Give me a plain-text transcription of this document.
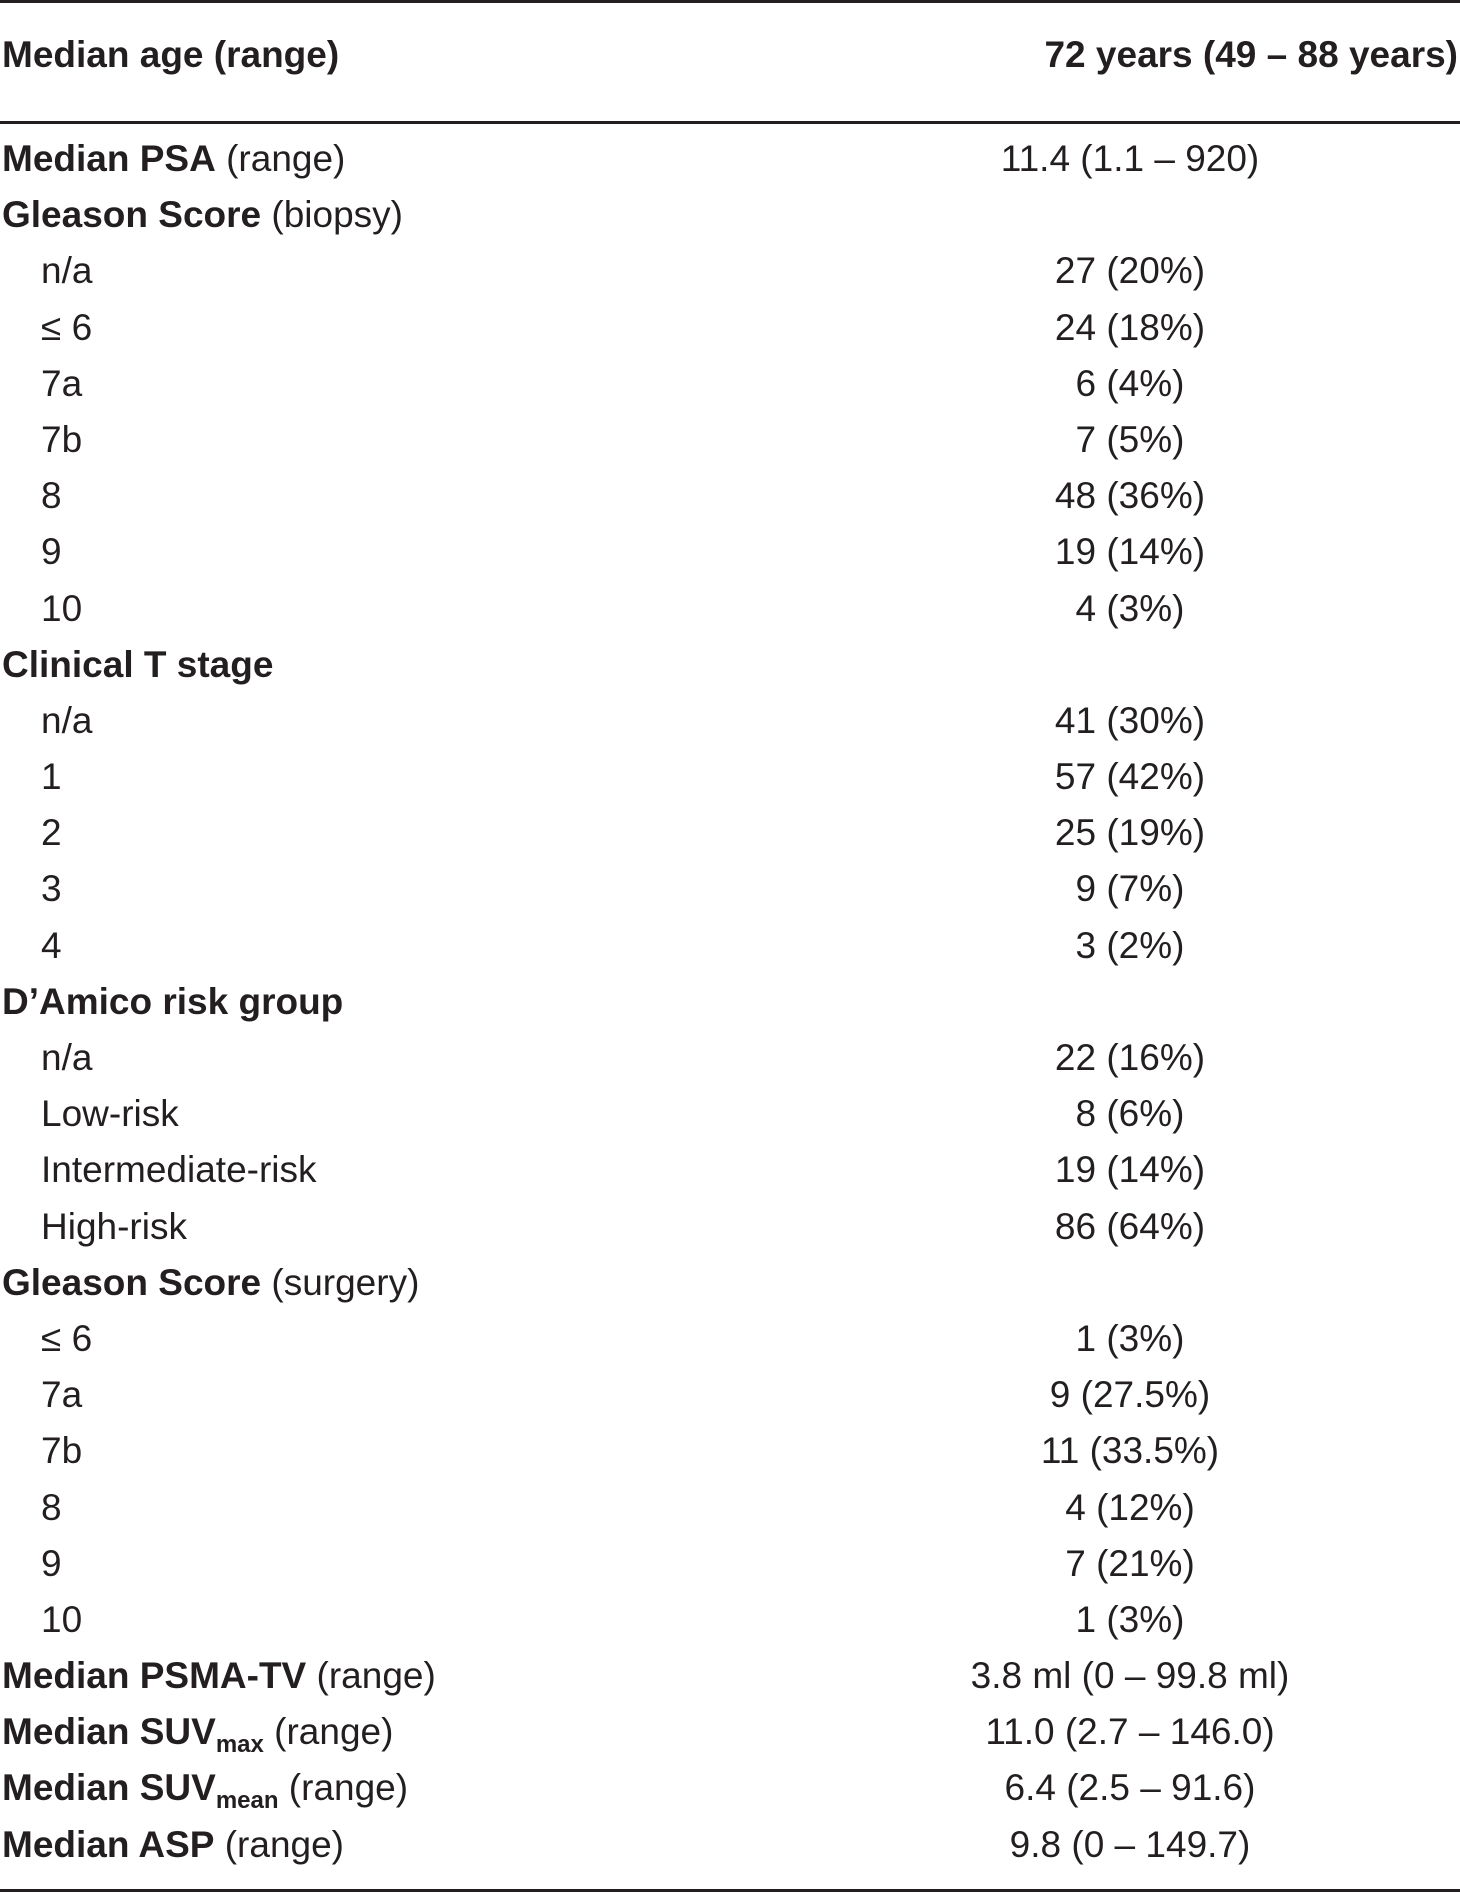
Median age (range)	72 years (49 – 88 years)
Median PSA (range)	11.4 (1.1 – 920)
Gleason Score (biopsy)
n/a	27 (20%)
≤ 6	24 (18%)
7a	6 (4%)
7b	7 (5%)
8	48 (36%)
9	19 (14%)
10	4 (3%)
Clinical T stage
n/a	41 (30%)
1	57 (42%)
2	25 (19%)
3	9 (7%)
4	3 (2%)
D’Amico risk group
n/a	22 (16%)
Low-risk	8 (6%)
Intermediate-risk	19 (14%)
High-risk	86 (64%)
Gleason Score (surgery)
≤ 6	1 (3%)
7a	9 (27.5%)
7b	11 (33.5%)
8	4 (12%)
9	7 (21%)
10	1 (3%)
Median PSMA-TV (range)	3.8 ml (0 – 99.8 ml)
Median $SUV_{max}$ (range)	11.0 (2.7 – 146.0)
Median $SUV_{mean}$ (range)	6.4 (2.5 – 91.6)
Median ASP (range)	9.8 (0 – 149.7)
